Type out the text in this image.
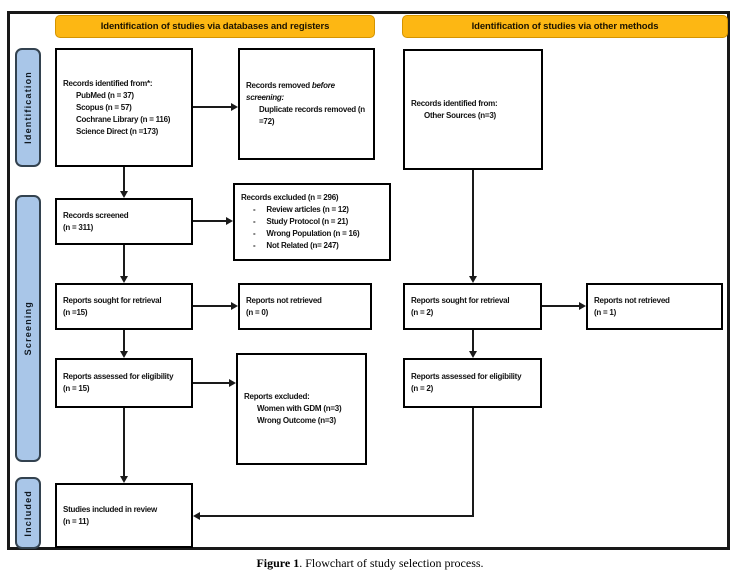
Identification of studies via databases and registers	Identification of studies via other methods
Identification
Screening
Included
Records identified from*:
PubMed (n = 37)
Scopus (n = 57)
Cochrane Library (n = 116)
Science Direct (n =173)
Records removed before screening:
Duplicate records removed (n =72)
Records identified from:
Other Sources (n=3)
Records excluded (n = 296)
- Review articles (n = 12)
- Study Protocol (n = 21)
- Wrong Population (n = 16)
- Not Related (n= 247)
Records screened
(n = 311)
Reports sought for retrieval
(n =15)
Reports not retrieved
(n = 0)
Reports sought for retrieval
(n = 2)
Reports not retrieved
(n = 1)
Reports assessed for eligibility
(n = 15)
Reports excluded:
Women with GDM (n=3)
Wrong Outcome (n=3)
Reports assessed for eligibility
(n = 2)
Studies included in review
(n = 11)
Figure 1. Flowchart of study selection process.
